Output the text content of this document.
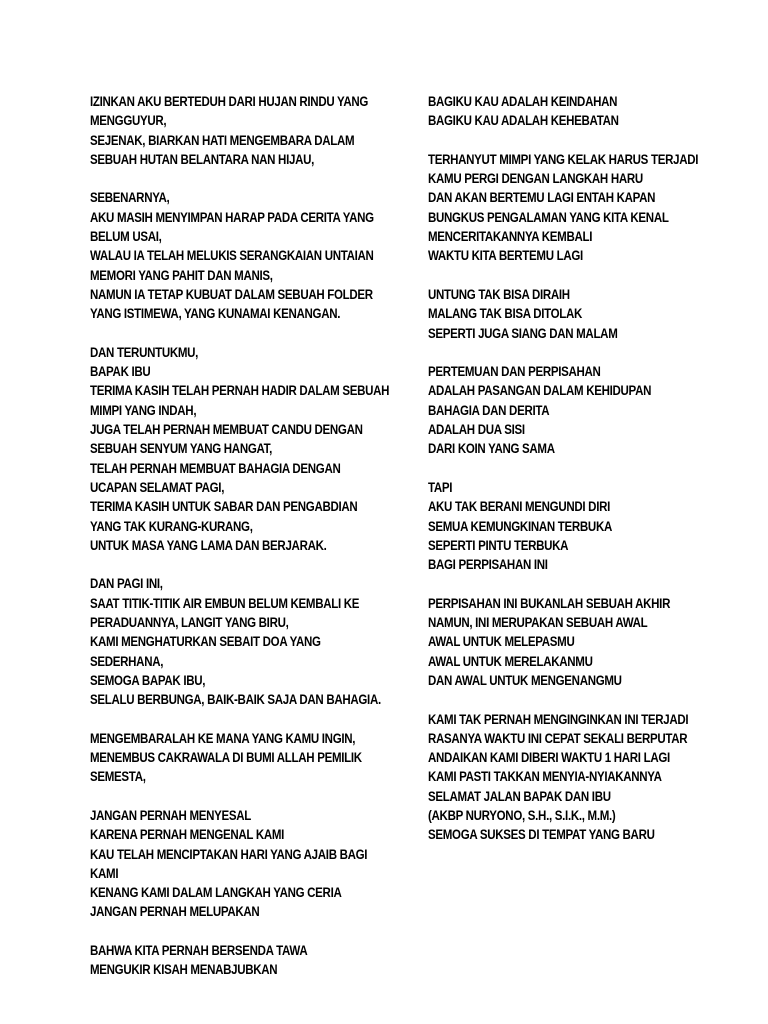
IZINKAN AKU BERTEDUH DARI HUJAN RINDU YANG
MENGGUYUR,
SEJENAK, BIARKAN HATI MENGEMBARA DALAM
SEBUAH HUTAN BELANTARA NAN HIJAU,
SEBENARNYA,
AKU MASIH MENYIMPAN HARAP PADA CERITA YANG
BELUM USAI,
WALAU IA TELAH MELUKIS SERANGKAIAN UNTAIAN
MEMORI YANG PAHIT DAN MANIS,
NAMUN IA TETAP KUBUAT DALAM SEBUAH FOLDER
YANG ISTIMEWA, YANG KUNAMAI KENANGAN.
DAN TERUNTUKMU,
BAPAK IBU
TERIMA KASIH TELAH PERNAH HADIR DALAM SEBUAH
MIMPI YANG INDAH,
JUGA TELAH PERNAH MEMBUAT CANDU DENGAN
SEBUAH SENYUM YANG HANGAT,
TELAH PERNAH MEMBUAT BAHAGIA DENGAN
UCAPAN SELAMAT PAGI,
TERIMA KASIH UNTUK SABAR DAN PENGABDIAN
YANG TAK KURANG-KURANG,
UNTUK MASA YANG LAMA DAN BERJARAK.
DAN PAGI INI,
SAAT TITIK-TITIK AIR EMBUN BELUM KEMBALI KE
PERADUANNYA, LANGIT YANG BIRU,
KAMI MENGHATURKAN SEBAIT DOA YANG
SEDERHANA,
SEMOGA BAPAK IBU,
SELALU BERBUNGA, BAIK-BAIK SAJA DAN BAHAGIA.
MENGEMBARALAH KE MANA YANG KAMU INGIN,
MENEMBUS CAKRAWALA DI BUMI ALLAH PEMILIK
SEMESTA,
JANGAN PERNAH MENYESAL
KARENA PERNAH MENGENAL KAMI
KAU TELAH MENCIPTAKAN HARI YANG AJAIB BAGI
KAMI
KENANG KAMI DALAM LANGKAH YANG CERIA
JANGAN PERNAH MELUPAKAN
BAHWA KITA PERNAH BERSENDA TAWA
MENGUKIR KISAH MENABJUBKAN
BAGIKU KAU ADALAH KEINDAHAN
BAGIKU KAU ADALAH KEHEBATAN
TERHANYUT MIMPI YANG KELAK HARUS TERJADI
KAMU PERGI DENGAN LANGKAH HARU
DAN AKAN BERTEMU LAGI ENTAH KAPAN
BUNGKUS PENGALAMAN YANG KITA KENAL
MENCERITAKANNYA KEMBALI
WAKTU KITA BERTEMU LAGI
UNTUNG TAK BISA DIRAIH
MALANG TAK BISA DITOLAK
SEPERTI JUGA SIANG DAN MALAM
PERTEMUAN DAN PERPISAHAN
ADALAH PASANGAN DALAM KEHIDUPAN
BAHAGIA DAN DERITA
ADALAH DUA SISI
DARI KOIN YANG SAMA
TAPI
AKU TAK BERANI MENGUNDI DIRI
SEMUA KEMUNGKINAN TERBUKA
SEPERTI PINTU TERBUKA
BAGI PERPISAHAN INI
PERPISAHAN INI BUKANLAH SEBUAH AKHIR
NAMUN, INI MERUPAKAN SEBUAH AWAL
AWAL UNTUK MELEPASMU
AWAL UNTUK MERELAKANMU
DAN AWAL UNTUK MENGENANGMU
KAMI TAK PERNAH MENGINGINKAN INI TERJADI
RASANYA WAKTU INI CEPAT SEKALI BERPUTAR
ANDAIKAN KAMI DIBERI WAKTU 1 HARI LAGI
KAMI PASTI TAKKAN MENYIA-NYIAKANNYA
SELAMAT JALAN BAPAK DAN IBU
(AKBP NURYONO, S.H., S.I.K., M.M.)
SEMOGA SUKSES DI TEMPAT YANG BARU
